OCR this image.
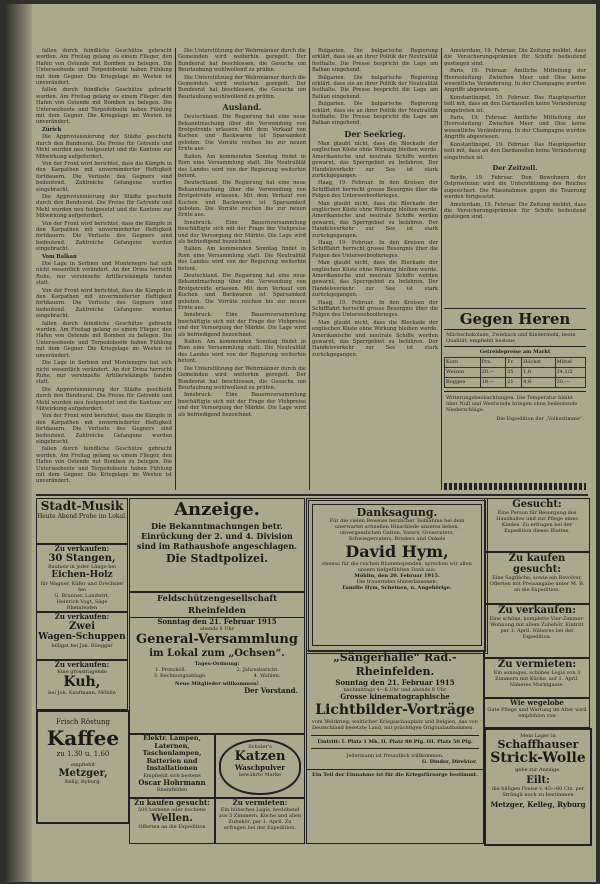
fallen durch feindliche Geschütze gebracht worden. Am Freitag gelang es einem Flieger, den Hafen von Ostende mit Bomben zu belegen. Die Unterseeboote und Torpedoboote haben Fühlung mit dem Gegner. Die Kriegslage im Westen ist unverändert.

fallen durch feindliche Geschütze gebracht worden. Am Freitag gelang es einem Flieger, den Hafen von Ostende mit Bomben zu belegen. Die Unterseeboote und Torpedoboote haben Fühlung mit dem Gegner. Die Kriegslage im Westen ist unverändert.

Zürich

Die Approvisionierung der Städte geschieht durch den Bundesrat. Die Preise für Getreide und Mehl wurden neu festgesetzt und die Kantone zur Mitwirkung aufgefordert.

Von der Front wird berichtet, dass die Kämpfe in den Karpathen mit unverminderter Heftigkeit fortdauern. Die Verluste des Gegners sind bedeutend. Zahlreiche Gefangene wurden eingebracht.

Die Approvisionierung der Städte geschieht durch den Bundesrat. Die Preise für Getreide und Mehl wurden neu festgesetzt und die Kantone zur Mitwirkung aufgefordert.

Von der Front wird berichtet, dass die Kämpfe in den Karpathen mit unverminderter Heftigkeit fortdauern. Die Verluste des Gegners sind bedeutend. Zahlreiche Gefangene wurden eingebracht.

Vom Balkan

Die Lage in Serbien und Montenegro hat sich nicht wesentlich verändert. An der Drina herrscht Ruhe, nur vereinzelte Artilleriekämpfe fanden statt.

Von der Front wird berichtet, dass die Kämpfe in den Karpathen mit unverminderter Heftigkeit fortdauern. Die Verluste des Gegners sind bedeutend. Zahlreiche Gefangene wurden eingebracht.

fallen durch feindliche Geschütze gebracht worden. Am Freitag gelang es einem Flieger, den Hafen von Ostende mit Bomben zu belegen. Die Unterseeboote und Torpedoboote haben Fühlung mit dem Gegner. Die Kriegslage im Westen ist unverändert.

Die Lage in Serbien und Montenegro hat sich nicht wesentlich verändert. An der Drina herrscht Ruhe, nur vereinzelte Artilleriekämpfe fanden statt.

Die Approvisionierung der Städte geschieht durch den Bundesrat. Die Preise für Getreide und Mehl wurden neu festgesetzt und die Kantone zur Mitwirkung aufgefordert.

Von der Front wird berichtet, dass die Kämpfe in den Karpathen mit unverminderter Heftigkeit fortdauern. Die Verluste des Gegners sind bedeutend. Zahlreiche Gefangene wurden eingebracht.

fallen durch feindliche Geschütze gebracht worden. Am Freitag gelang es einem Flieger, den Hafen von Ostende mit Bomben zu belegen. Die Unterseeboote und Torpedoboote haben Fühlung mit dem Gegner. Die Kriegslage im Westen ist unverändert.

Die Unterstützung der Wehrmänner durch die Gemeinden wird weiterhin geregelt. Der Bundesrat hat beschlossen, die Gesuche um Beurlaubung wohlwollend zu prüfen.

Die Unterstützung der Wehrmänner durch die Gemeinden wird weiterhin geregelt. Der Bundesrat hat beschlossen, die Gesuche um Beurlaubung wohlwollend zu prüfen.

Ausland.

Deutschland. Die Regierung hat eine neue Bekanntmachung über die Verwendung von Brotgetreide erlassen. Mit dem Verkauf von Kuchen und Backwaren ist Sparsamkeit geboten. Die Vorräte reichen bis zur neuen Ernte aus.

Italien. Am kommenden Sonntag findet in Rom eine Versammlung statt. Die Neutralität des Landes wird von der Regierung weiterhin betont.

Deutschland. Die Regierung hat eine neue Bekanntmachung über die Verwendung von Brotgetreide erlassen. Mit dem Verkauf von Kuchen und Backwaren ist Sparsamkeit geboten. Die Vorräte reichen bis zur neuen Ernte aus.

Innsbruck. Eine Bauernversammlung beschäftigte sich mit der Frage der Viehpreise und der Versorgung der Märkte. Die Lage wird als befriedigend bezeichnet.

Italien. Am kommenden Sonntag findet in Rom eine Versammlung statt. Die Neutralität des Landes wird von der Regierung weiterhin betont.

Deutschland. Die Regierung hat eine neue Bekanntmachung über die Verwendung von Brotgetreide erlassen. Mit dem Verkauf von Kuchen und Backwaren ist Sparsamkeit geboten. Die Vorräte reichen bis zur neuen Ernte aus.

Innsbruck. Eine Bauernversammlung beschäftigte sich mit der Frage der Viehpreise und der Versorgung der Märkte. Die Lage wird als befriedigend bezeichnet.

Italien. Am kommenden Sonntag findet in Rom eine Versammlung statt. Die Neutralität des Landes wird von der Regierung weiterhin betont.

Die Unterstützung der Wehrmänner durch die Gemeinden wird weiterhin geregelt. Der Bundesrat hat beschlossen, die Gesuche um Beurlaubung wohlwollend zu prüfen.

Innsbruck. Eine Bauernversammlung beschäftigte sich mit der Frage der Viehpreise und der Versorgung der Märkte. Die Lage wird als befriedigend bezeichnet.

Bulgarien. Die bulgarische Regierung erklärt, dass sie an ihrer Politik der Neutralität festhalte. Die Presse bespricht die Lage am Balkan eingehend.

Bulgarien. Die bulgarische Regierung erklärt, dass sie an ihrer Politik der Neutralität festhalte. Die Presse bespricht die Lage am Balkan eingehend.

Bulgarien. Die bulgarische Regierung erklärt, dass sie an ihrer Politik der Neutralität festhalte. Die Presse bespricht die Lage am Balkan eingehend.

Der Seekrieg.

Man glaubt nicht, dass die Blockade der englischen Küste ohne Wirkung bleiben werde. Amerikanische und neutrale Schiffe werden gewarnt, das Sperrgebiet zu befahren. Der Handelsverkehr zur See ist stark zurückgegangen.

Haag, 19. Februar. In den Kreisen der Schifffahrt herrscht grosse Besorgnis über die Folgen des Unterseebootkrieges.

Man glaubt nicht, dass die Blockade der englischen Küste ohne Wirkung bleiben werde. Amerikanische und neutrale Schiffe werden gewarnt, das Sperrgebiet zu befahren. Der Handelsverkehr zur See ist stark zurückgegangen.

Haag, 19. Februar. In den Kreisen der Schifffahrt herrscht grosse Besorgnis über die Folgen des Unterseebootkrieges.

Man glaubt nicht, dass die Blockade der englischen Küste ohne Wirkung bleiben werde. Amerikanische und neutrale Schiffe werden gewarnt, das Sperrgebiet zu befahren. Der Handelsverkehr zur See ist stark zurückgegangen.

Haag, 19. Februar. In den Kreisen der Schifffahrt herrscht grosse Besorgnis über die Folgen des Unterseebootkrieges.

Man glaubt nicht, dass die Blockade der englischen Küste ohne Wirkung bleiben werde. Amerikanische und neutrale Schiffe werden gewarnt, das Sperrgebiet zu befahren. Der Handelsverkehr zur See ist stark zurückgegangen.

Amsterdam, 19. Februar. Die Zeitung meldet, dass die Versicherungsprämien für Schiffe bedeutend gestiegen sind.

Paris, 19. Februar. Amtliche Mitteilung der Heeresleitung: Zwischen Meer und Oise keine wesentliche Veränderung. In der Champagne wurden Angriffe abgewiesen.

Konstantinopel, 19. Februar. Das Hauptquartier teilt mit, dass an den Dardanellen keine Veränderung eingetreten ist.

Paris, 19. Februar. Amtliche Mitteilung der Heeresleitung: Zwischen Meer und Oise keine wesentliche Veränderung. In der Champagne wurden Angriffe abgewiesen.

Konstantinopel, 19. Februar. Das Hauptquartier teilt mit, dass an den Dardanellen keine Veränderung eingetreten ist.

Der Zeitzoll.

Berlin, 19. Februar. Den Bewohnern der Ostprovinzen wird die Unterstützung des Reiches zugesichert. Die Massnahmen gegen die Teuerung werden fortgesetzt.

Amsterdam, 19. Februar. Die Zeitung meldet, dass die Versicherungsprämien für Schiffe bedeutend gestiegen sind.

Gegen Heren
Milchschokolade, Zwieback und Kindermehl, beste Qualität, empfiehlt bestens
Getreidepreise am Markt
Korn	Prs.	Fr.	Höchst	Mittel
Weizen	20.—	35	1,6	24.1/2
Roggen	18.—	21	4,8	20.—
Witterungsbeobachtungen. Die Temperatur bleibt über Null und Westwinde bringen ohne bedeutende Niederschläge.
Die Expedition der „Volksstimme“.
Stadt-Musik
Heute Abend Probe im Lokal.
Zu verkaufen:
30 Stangen,
Bauholz in jeder Länge bei
Eichen-Holz
für Wagner, Küfer und Drechsler bei
G. Brunner, Landwirt,
Heinrich Vogt, Säge
Rheinfelden
Zu verkaufen:
Zwei
Wagen-Schuppen
billigst bei Jak. Rüegger
Zu verkaufen:
Eine grösstragende
Kuh,
bei Joh. Kaufmann, Möhlin
Frisch Röstung
Kaffee
zu 1.30 u. 1.60
empfiehlt
Metzger,
Kellg, Ryburg.
Anzeige.
Die Bekanntmachungen betr. Einrückung der 2. und 4. Division sind im Rathaushofe angeschlagen.
Die Stadtpolizei.
Feldschützengesellschaft Rheinfelden
Sonntag den 21. Februar 1915
abends 8 Uhr
General-Versammlung
im Lokal zum „Ochsen“.
Tages-Ordnung:
1. Protokoll.	2. Jahresbericht.
3. Rechnungsablage.	4. Wahlen.
Neue Mitglieder willkommen!
Der Vorstand.
Elektr. Lampen, Laternen, Taschenlampen, Batterien und Installationen
Empfiehlt sich bestens
Oscar Hohrmann
Rheinfelden
Schuler's
Katzen
Waschpulver
bewährte Marke
Zu kaufen gesucht:
500 tannene oder buchene
Wellen.
Offerten an die Expedition
Zu vermieten:
Ein hübsches Logis, bestehend aus 3 Zimmern, Küche und allen Zubehör, per 1. April. Zu erfragen bei der Expedition.
Danksagung.
Für die vielen Beweise herzlicher Teilnahme bei dem unerwartet schnellen Hinschiede unseres lieben, unvergesslichen Gatten, Vaters, Grossvaters, Schwiegervaters, Bruders und Onkels
David Hym,
ebenso für die reichen Blumenspenden, sprechen wir allen unsern tiefgefühlten Dank aus.
Möhlin, den 20. Februar 1915.
Die trauernden Hinterlassenen:
Familie Hym, Scheinen, u. Angehörige.
„Sängerhalle“ Rad.-Rheinfelden.
Sonntag den 21. Februar 1915
nachmittags 4—6 Uhr und abends 8 Uhr
Grosse kinematographische
Lichtbilder-Vorträge
vom Weltkrieg, weltlicher Kriegsschauplatz und Belgien, das von Deutschland besetzte Land, mit prächtigen Originalaufnahmen.
Eintritt: I. Platz 1 Mk. II. Platz 80 Pfg. III. Platz 50 Pfg.
Jedermann ist freundlich willkommen.
G. Dinder, Direktor.
Ein Teil der Einnahme ist für die Kriegsfürsorge bestimmt.
Gesucht:
Eine Person für Besorgung des Haushaltes und zur Pflege eines Kindes. Zu erfragen bei der Expedition dieses Blattes.
Zu kaufen gesucht:
Eine Sagfläche, sowie ein Revolver. Offerten mit Preisangabe unter M. B. an die Expedition.
Zu verkaufen:
Eine schöne, komplette Vier-Zimmer-Wohnung mit allem Zubehör. Eintritt per 1. April. Näheres bei der Expedition.
Zu vermieten:
Ein sonniges, schönes Logis von 3 Zimmern mit Küche, auf 1. April. Näheres Marktgasse.
Wie wegelobe
Gute Pflege und Wartung im Alter wird empfohlen von
Mein Lager in
Schaffhauser
Strick-Wolle
gebe zur Anzeige.
Eilt:
die billigen Preise v. 45—60 Cts. per Strängli noch zu bestimmen
Metzger, Kelleg, Ryburg
